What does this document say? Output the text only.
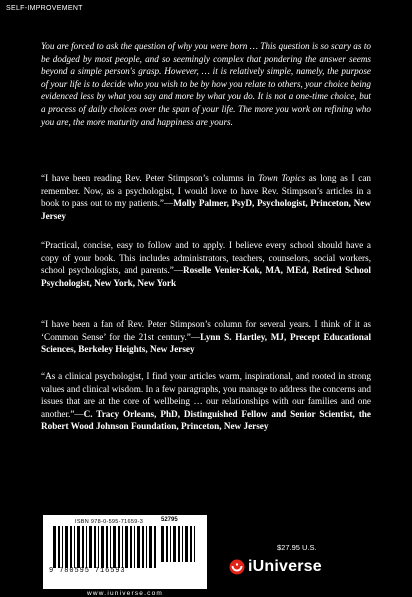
SELF-IMPROVEMENT

You are forced to ask the question of why you were born … This question is so scary as to be dodged by most people, and so seemingly complex that pondering the answer seems beyond a simple person's grasp. However, … it is relatively simple, namely, the purpose of your life is to decide who you wish to be by how you relate to others, your choice being evidenced less by what you say and more by what you do. It is not a one-time choice, but a process of daily choices over the span of your life. The more you work on refining who you are, the more maturity and happiness are yours.

“I have been reading Rev. Peter Stimpson’s columns in Town Topics as long as I can remember. Now, as a psychologist, I would love to have Rev. Stimpson’s articles in a book to pass out to my patients.”—Molly Palmer, PsyD, Psychologist, Princeton, New Jersey

“Practical, concise, easy to follow and to apply. I believe every school should have a copy of your book. This includes administrators, teachers, counselors, social workers, school psychologists, and parents.”—Roselle Venier-Kok, MA, MEd, Retired School Psychologist, New York, New York

“I have been a fan of Rev. Peter Stimpson’s column for several years. I think of it as ‘Common Sense’ for the 21st century.”—Lynn S. Hartley, MJ, Precept Educational Sciences, Berkeley Heights, New Jersey

“As a clinical psychologist, I find your articles warm, inspirational, and rooted in strong values and clinical wisdom. In a few paragraphs, you manage to address the concerns and issues that are at the core of wellbeing … our relationships with our families and one another.”—C. Tracy Orleans, PhD, Distinguished Fellow and Senior Scientist, the Robert Wood Johnson Foundation, Princeton, New Jersey

ISBN 978-0-595-71659-3	52795
9 780595 716593
$27.95 U.S.
iUniverse
www.iuniverse.com
